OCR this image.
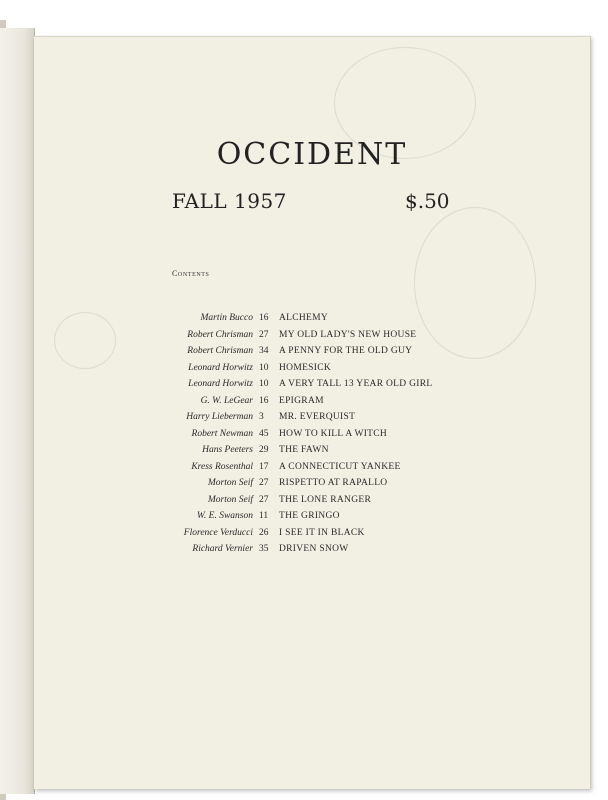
OCCIDENT
FALL 1957	$.50
Contents
Martin Bucco 16	ALCHEMY
Robert Chrisman 27	MY OLD LADY'S NEW HOUSE
Robert Chrisman 34	A PENNY FOR THE OLD GUY
Leonard Horwitz 10	HOMESICK
Leonard Horwitz 10	A VERY TALL 13 YEAR OLD GIRL
G. W. LeGear 16	EPIGRAM
Harry Lieberman 3	MR. EVERQUIST
Robert Newman 45	HOW TO KILL A WITCH
Hans Peeters 29	THE FAWN
Kress Rosenthal 17	A CONNECTICUT YANKEE
Morton Seif 27	RISPETTO AT RAPALLO
Morton Seif 27	THE LONE RANGER
W. E. Swanson 11	THE GRINGO
Florence Verducci 26	I SEE IT IN BLACK
Richard Vernier 35	DRIVEN SNOW
